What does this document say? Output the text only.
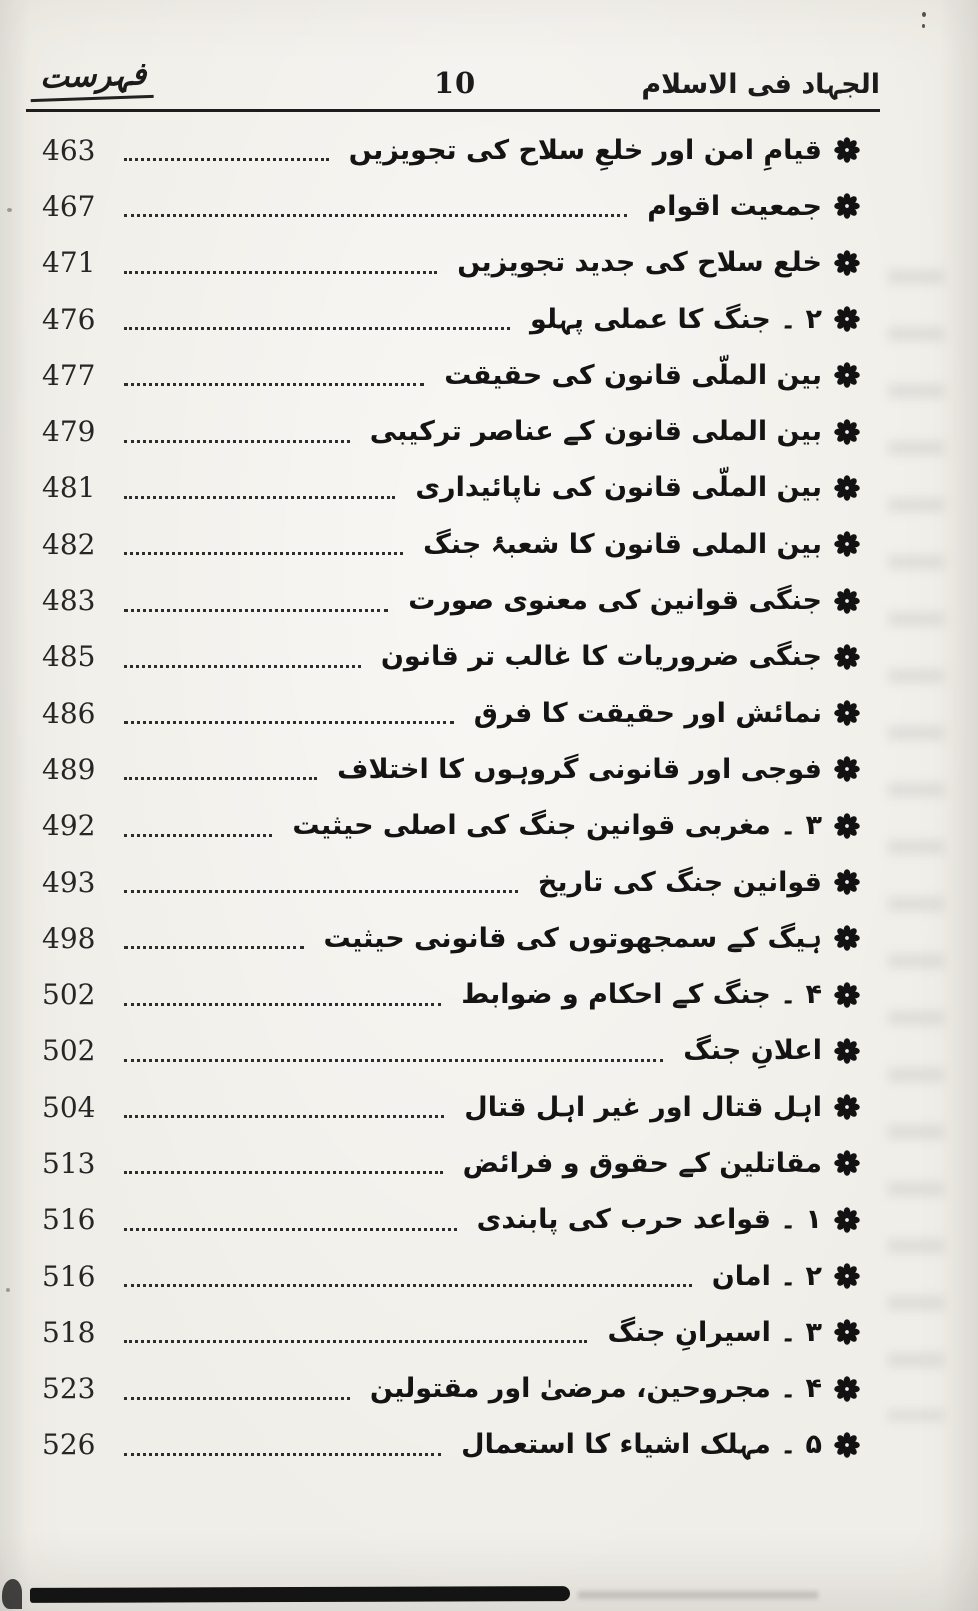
فہرست	10	الجہاد فی الاسلام
قیامِ امن اور خلعِ سلاح کی تجویزیں
463
جمعیت اقوام
467
خلع سلاح کی جدید تجویزیں
471
۲ ۔ جنگ کا عملی پہلو
476
بین الملّی قانون کی حقیقت
477
بین الملی قانون کے عناصر ترکیبی
479
بین الملّی قانون کی ناپائیداری
481
بین الملی قانون کا شعبۂ جنگ
482
جنگی قوانین کی معنوی صورت
483
جنگی ضروریات کا غالب تر قانون
485
نمائش اور حقیقت کا فرق
486
فوجی اور قانونی گروہوں کا اختلاف
489
۳ ۔ مغربی قوانین جنگ کی اصلی حیثیت
492
قوانین جنگ کی تاریخ
493
ہیگ کے سمجھوتوں کی قانونی حیثیت
498
۴ ۔ جنگ کے احکام و ضوابط
502
اعلانِ جنگ
502
اہل قتال اور غیر اہل قتال
504
مقاتلین کے حقوق و فرائض
513
۱ ۔ قواعد حرب کی پابندی
516
۲ ۔ امان
516
۳ ۔ اسیرانِ جنگ
518
۴ ۔ مجروحین، مرضیٰ اور مقتولین
523
۵ ۔ مہلک اشیاء کا استعمال
526
